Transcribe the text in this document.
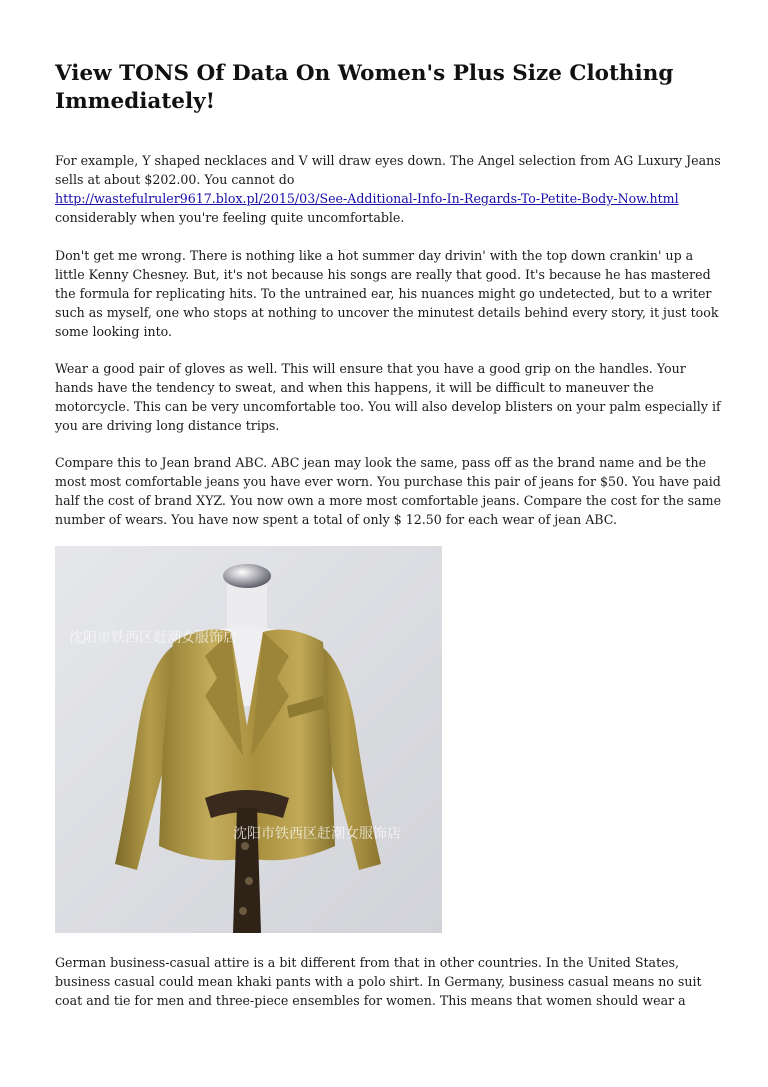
View TONS Of Data On Women's Plus Size Clothing Immediately!

For example, Y shaped necklaces and V will draw eyes down. The Angel selection from AG Luxury Jeans sells at about $202.00. You cannot do
http://wastefulruler9617.blox.pl/2015/03/See-Additional-Info-In-Regards-To-Petite-Body-Now.html
considerably when you're feeling quite uncomfortable.

Don't get me wrong. There is nothing like a hot summer day drivin' with the top down crankin' up a little Kenny Chesney. But, it's not because his songs are really that good. It's because he has mastered the formula for replicating hits. To the untrained ear, his nuances might go undetected, but to a writer such as myself, one who stops at nothing to uncover the minutest details behind every story, it just took some looking into.

Wear a good pair of gloves as well. This will ensure that you have a good grip on the handles. Your hands have the tendency to sweat, and when this happens, it will be difficult to maneuver the motorcycle. This can be very uncomfortable too. You will also develop blisters on your palm especially if you are driving long distance trips.

Compare this to Jean brand ABC. ABC jean may look the same, pass off as the brand name and be the most most comfortable jeans you have ever worn. You purchase this pair of jeans for $50. You have paid half the cost of brand XYZ. You now own a more most comfortable jeans. Compare the cost for the same number of wears. You have now spent a total of only $ 12.50 for each wear of jean ABC.

沈阳市铁西区赶潮女服饰店
沈阳市铁西区赶潮女服饰店

German business-casual attire is a bit different from that in other countries. In the United States, business casual could mean khaki pants with a polo shirt. In Germany, business casual means no suit coat and tie for men and three-piece ensembles for women. This means that women should wear a
